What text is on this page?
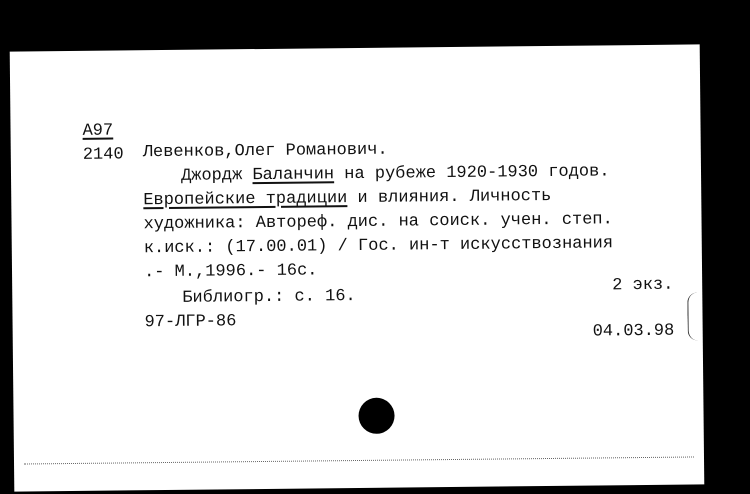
A97
2140 Левенков,Олег Романович.
Джордж Баланчин на рубеже 1920-1930 годов.
Европейские традиции и влияния. Личность
художника: Автореф. дис. на соиск. учен. степ.
к.иск.: (17.00.01) / Гос. ин-т искусствознания
.- М.,1996.- 16с.
Библиогр.: с. 16.
2 экз.
97-ЛГР-86	04.03.98
